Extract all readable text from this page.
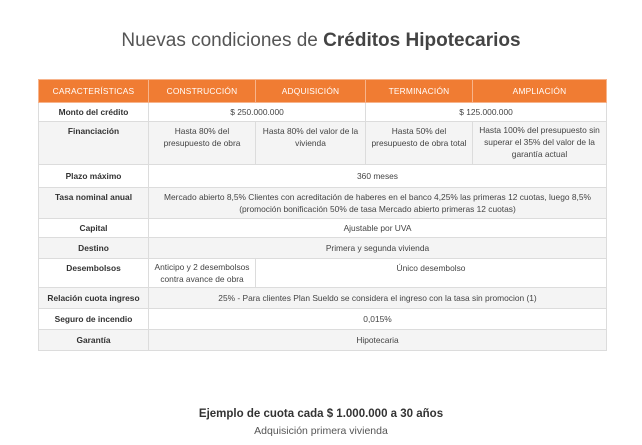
Nuevas condiciones de Créditos Hipotecarios
CARACTERÍSTICAS	CONSTRUCCIÓN	ADQUISICIÓN	TERMINACIÓN	AMPLIACIÓN
Monto del crédito	$ 250.000.000		$ 125.000.000	
Financiación	Hasta 80% del presupuesto de obra	Hasta 80% del valor de la vivienda	Hasta 50% del presupuesto de obra total	Hasta 100% del presupuesto sin superar el 35% del valor de la garantía actual
Plazo máximo	360 meses			
Tasa nominal anual	Mercado abierto 8,5% Clientes con acreditación de haberes en el banco 4,25% las primeras 12 cuotas, luego 8,5% (promoción bonificación 50% de tasa Mercado abierto primeras 12 cuotas)			
Capital	Ajustable por UVA			
Destino	Primera y segunda vivienda			
Desembolsos	Anticipo y 2 desembolsos contra avance de obra	Único desembolso		
Relación cuota ingreso	25% - Para clientes Plan Sueldo se considera el ingreso con la tasa sin promocion (1)			
Seguro de incendio	0,015%			
Garantía	Hipotecaria			
Ejemplo de cuota cada $ 1.000.000 a 30 años
Adquisición primera vivienda
